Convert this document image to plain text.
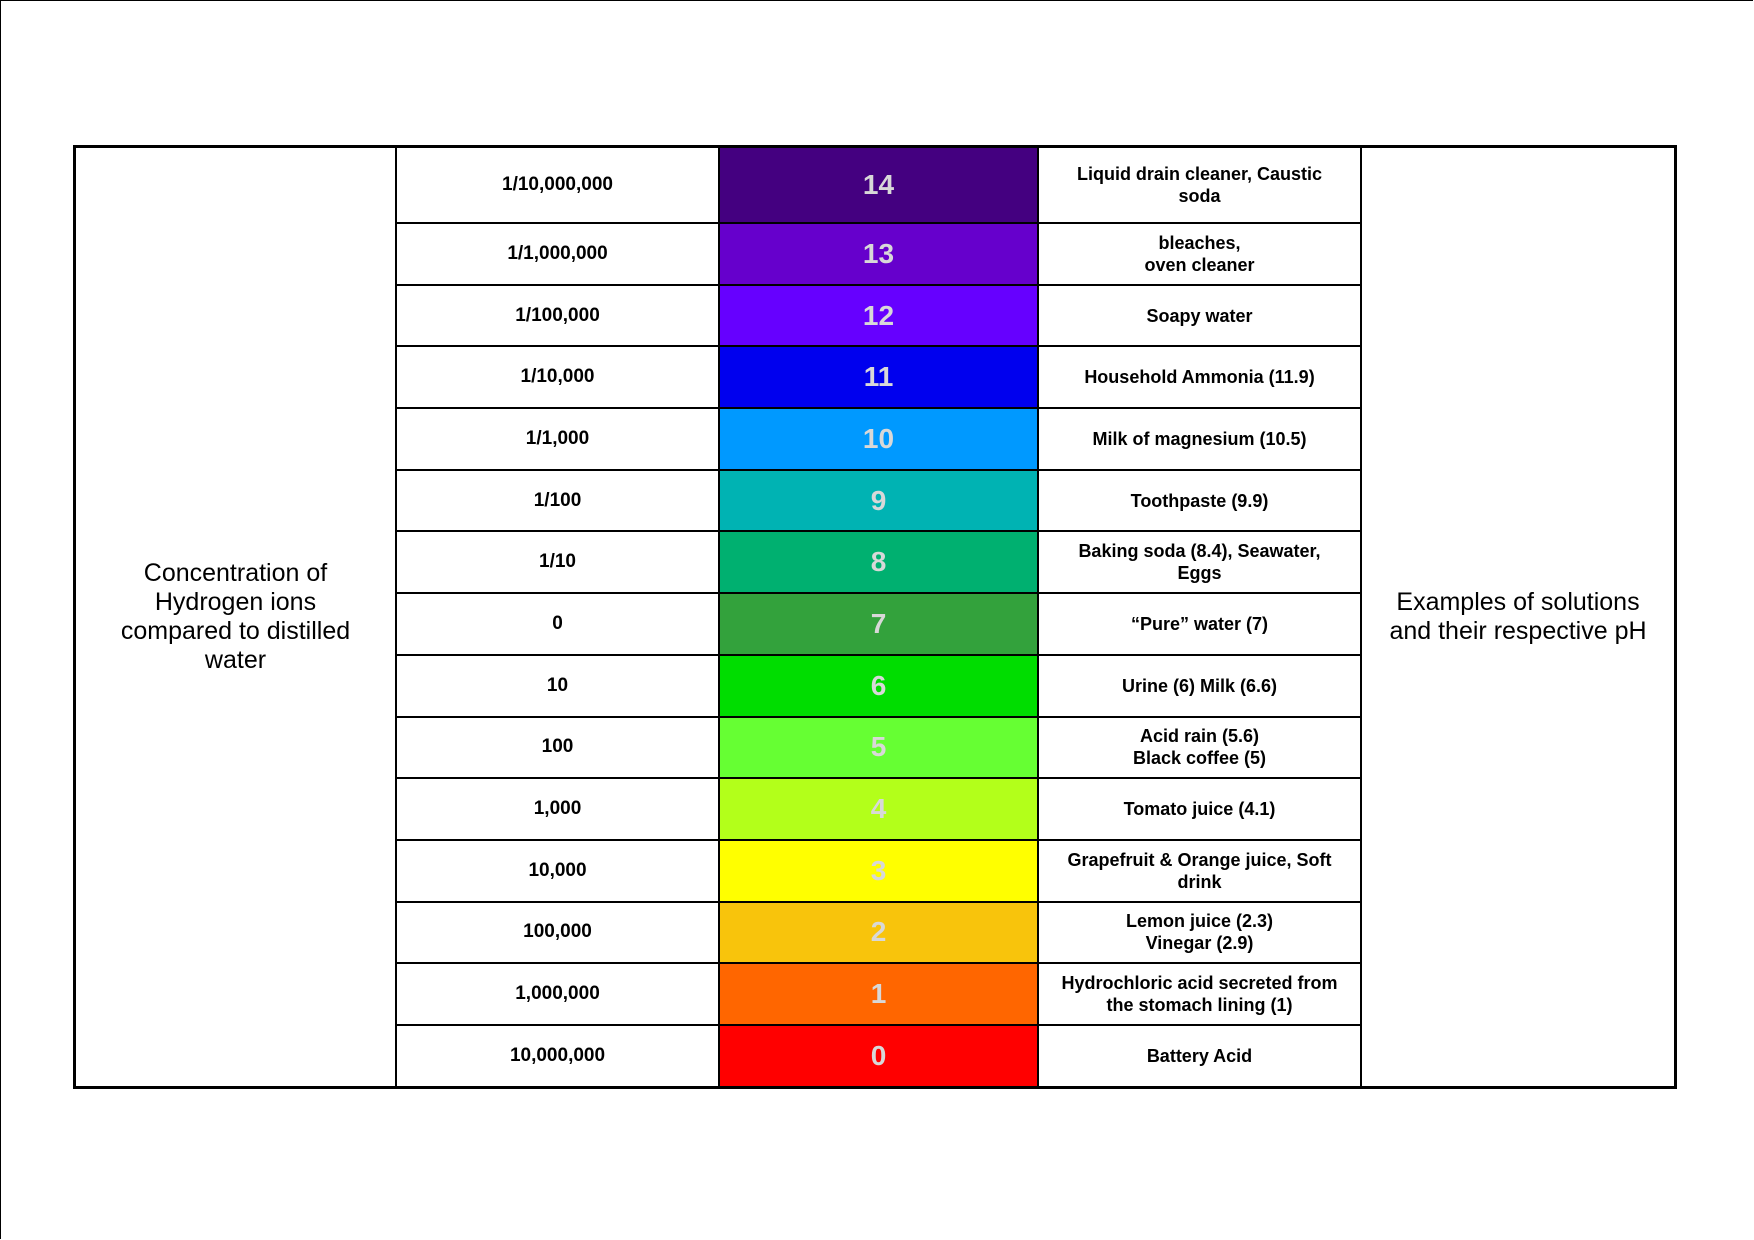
Concentration of
Hydrogen ions
compared to distilled
water
Examples of solutions
and their respective pH
1/10,000,000	14	Liquid drain cleaner, Caustic
soda
1/1,000,000	13	bleaches,
oven cleaner
1/100,000	12	Soapy water
1/10,000	11	Household Ammonia (11.9)
1/1,000	10	Milk of magnesium (10.5)
1/100	9	Toothpaste (9.9)
1/10	8	Baking soda (8.4), Seawater,
Eggs
0	7	“Pure” water (7)
10	6	Urine (6) Milk (6.6)
100	5	Acid rain (5.6)
Black coffee (5)
1,000	4	Tomato juice (4.1)
10,000	3	Grapefruit & Orange juice, Soft
drink
100,000	2	Lemon juice (2.3)
Vinegar (2.9)
1,000,000	1	Hydrochloric acid secreted from
the stomach lining (1)
10,000,000	0	Battery Acid
